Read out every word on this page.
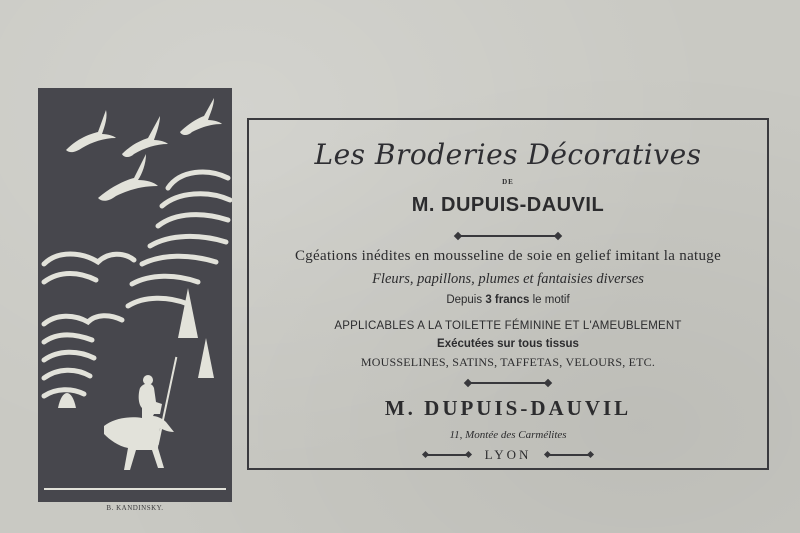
B. KANDINSKY.

Les Broderies Décoratives

DE

M. DUPUIS-DAUVIL

Cgéations inédites en mousseline de soie en gelief imitant la natuge

Fleurs, papillons, plumes et fantaisies diverses

Depuis 3 francs le motif

APPLICABLES A LA TOILETTE FÉMININE ET L'AMEUBLEMENT

Exécutées sur tous tissus

MOUSSELINES, SATINS, TAFFETAS, VELOURS, ETC.

M. DUPUIS-DAUVIL

11, Montée des Carmélites

LYON
